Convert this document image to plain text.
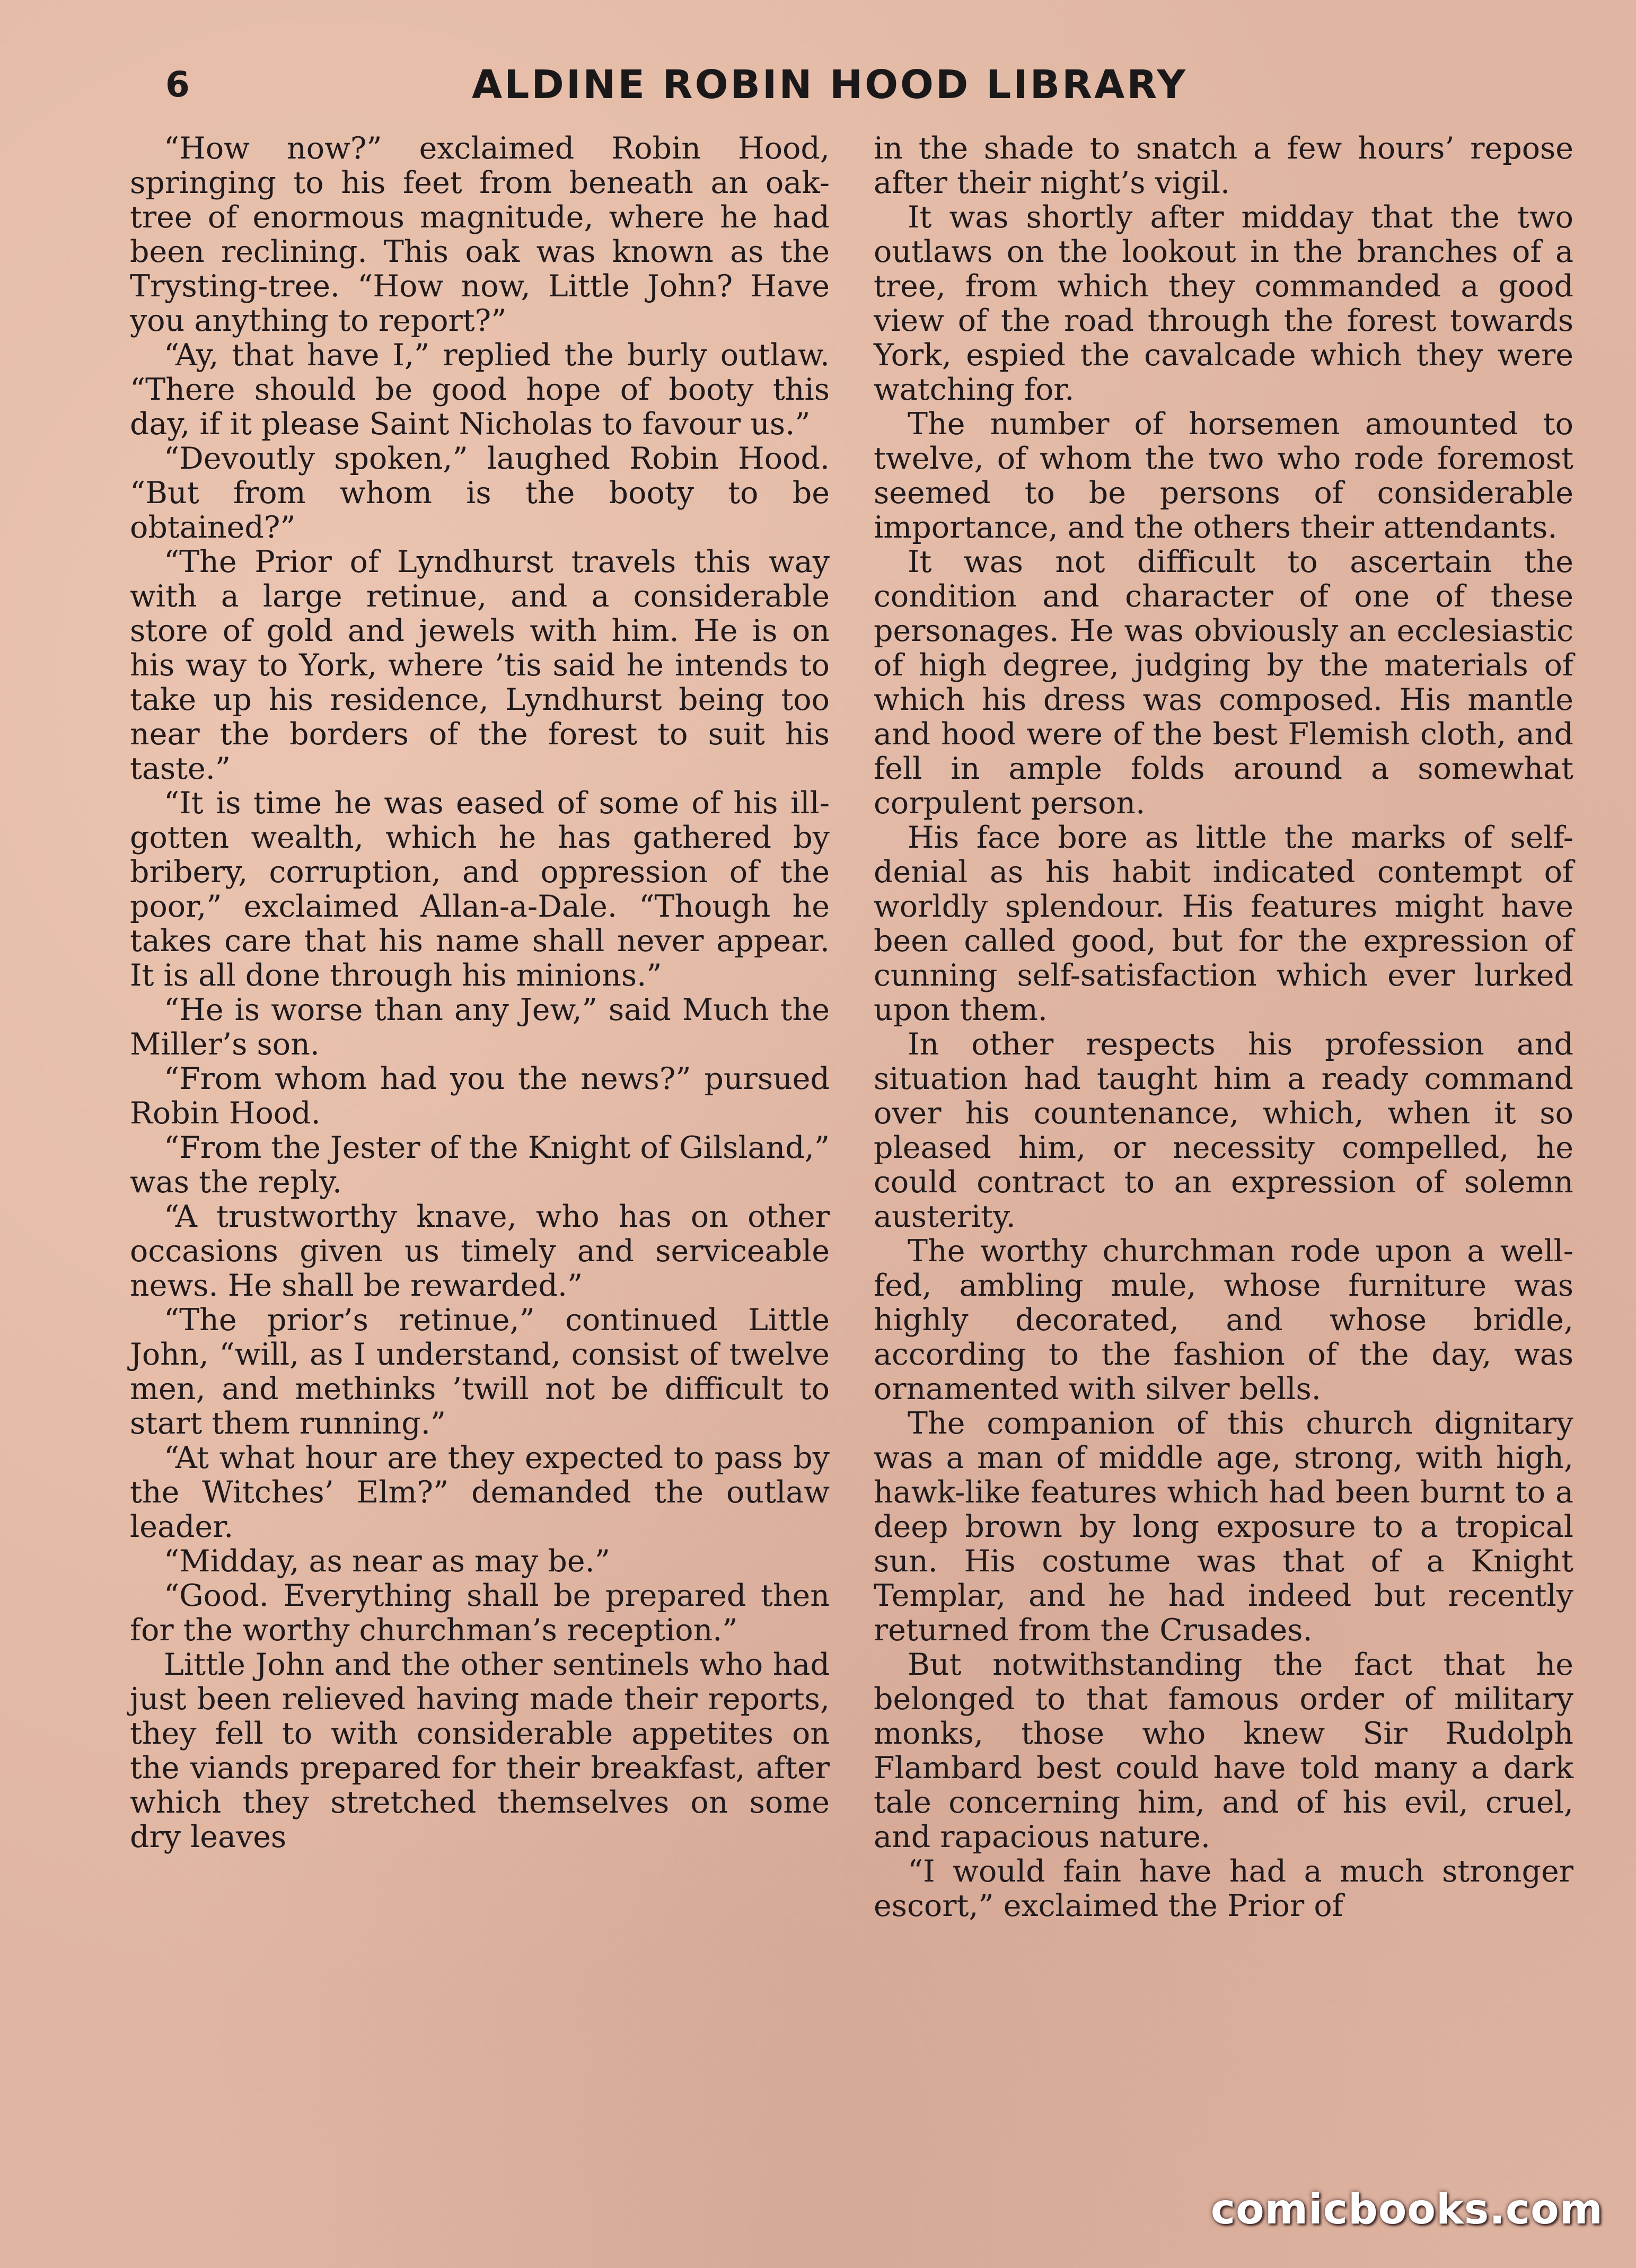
6	ALDINE ROBIN HOOD LIBRARY

“How now?” exclaimed Robin Hood, springing to his feet from beneath an oak-tree of enormous magnitude, where he had been reclining. This oak was known as the Trysting-tree. “How now, Little John? Have you anything to report?”

“Ay, that have I,” replied the burly outlaw. “There should be good hope of booty this day, if it please Saint Nicholas to favour us.”

“Devoutly spoken,” laughed Robin Hood. “But from whom is the booty to be obtained?”

“The Prior of Lyndhurst travels this way with a large retinue, and a considerable store of gold and jewels with him. He is on his way to York, where ’tis said he intends to take up his residence, Lyndhurst being too near the borders of the forest to suit his taste.”

“It is time he was eased of some of his ill-gotten wealth, which he has gathered by bribery, corruption, and oppression of the poor,” exclaimed Allan-a-Dale. “Though he takes care that his name shall never appear. It is all done through his minions.”

“He is worse than any Jew,” said Much the Miller’s son.

“From whom had you the news?” pursued Robin Hood.

“From the Jester of the Knight of Gilsland,” was the reply.

“A trustworthy knave, who has on other occasions given us timely and serviceable news. He shall be rewarded.”

“The prior’s retinue,” continued Little John, “will, as I understand, consist of twelve men, and methinks ’twill not be difficult to start them running.”

“At what hour are they expected to pass by the Witches’ Elm?” demanded the outlaw leader.

“Midday, as near as may be.”

“Good. Everything shall be prepared then for the worthy churchman’s reception.”

Little John and the other sentinels who had just been relieved having made their reports, they fell to with considerable appetites on the viands prepared for their breakfast, after which they stretched themselves on some dry leaves

in the shade to snatch a few hours’ repose after their night’s vigil.

It was shortly after midday that the two outlaws on the lookout in the branches of a tree, from which they commanded a good view of the road through the forest towards York, espied the cavalcade which they were watching for.

The number of horsemen amounted to twelve, of whom the two who rode foremost seemed to be persons of considerable importance, and the others their attendants.

It was not difficult to ascertain the condition and character of one of these personages. He was obviously an ecclesiastic of high degree, judging by the materials of which his dress was composed. His mantle and hood were of the best Flemish cloth, and fell in ample folds around a somewhat corpulent person.

His face bore as little the marks of self-denial as his habit indicated contempt of worldly splendour. His features might have been called good, but for the expression of cunning self-satisfaction which ever lurked upon them.

In other respects his profession and situation had taught him a ready command over his countenance, which, when it so pleased him, or necessity compelled, he could contract to an expression of solemn austerity.

The worthy churchman rode upon a well-fed, ambling mule, whose furniture was highly decorated, and whose bridle, according to the fashion of the day, was ornamented with silver bells.

The companion of this church dignitary was a man of middle age, strong, with high, hawk-like features which had been burnt to a deep brown by long exposure to a tropical sun. His costume was that of a Knight Templar, and he had indeed but recently returned from the Crusades.

But notwithstanding the fact that he belonged to that famous order of military monks, those who knew Sir Rudolph Flambard best could have told many a dark tale concerning him, and of his evil, cruel, and rapacious nature.

“I would fain have had a much stronger escort,” exclaimed the Prior of

comicbooks.com
